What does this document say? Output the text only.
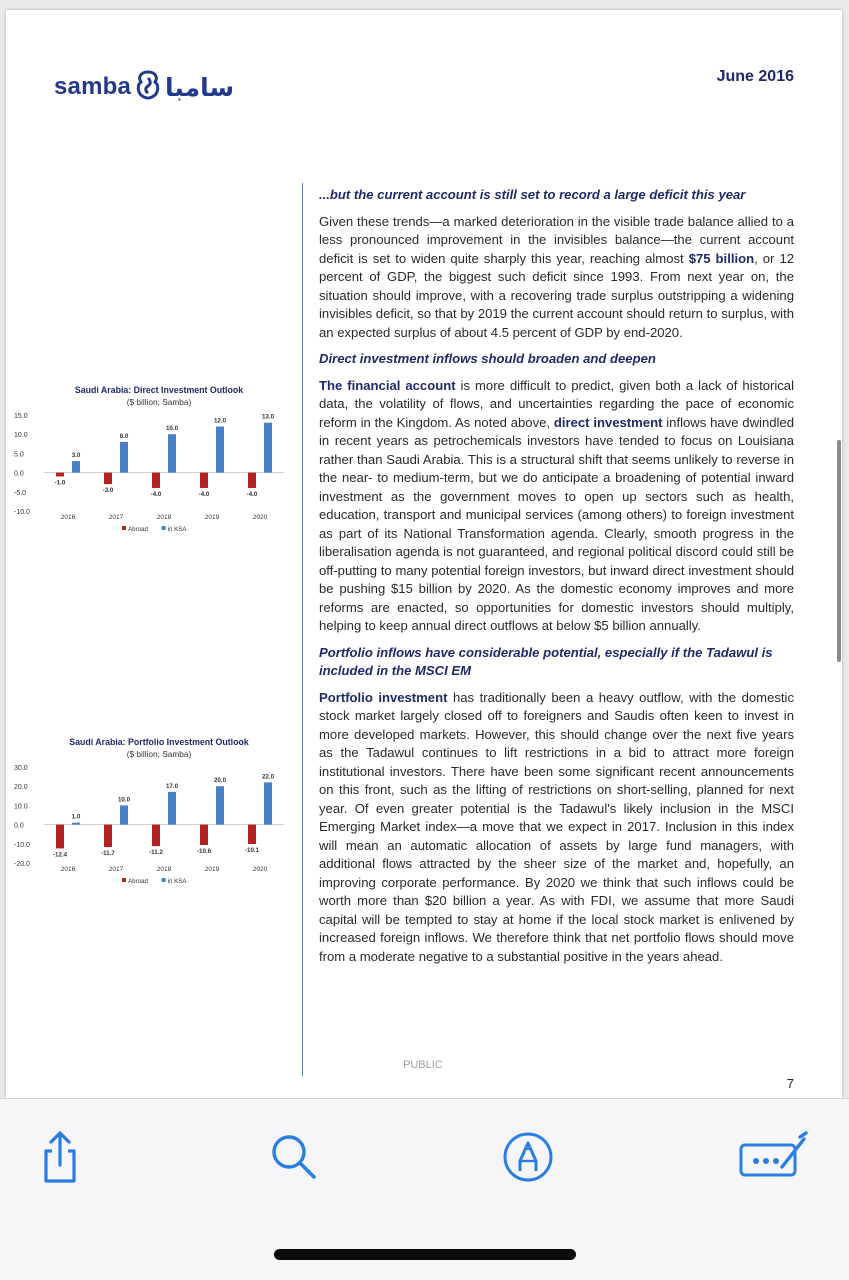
samba سامبا	June 2016
Saudi Arabia: Direct Investment Outlook
($ billion; Samba)
15.0
10.0
5.0
0.0
-5.0
-10.0
-1.0
3.0
2016
-3.0
8.0
2017
-4.0
10.0
2018
-4.0
12.0
2019
-4.0
13.0
2020
Abroad	in KSA
Saudi Arabia: Portfolio Investment Outlook
($ billion; Samba)
30.0
20.0
10.0
0.0
-10.0
-20.0
-12.4
1.0
2016
-11.7
10.0
2017
-11.2
17.0
2018
-10.6
20.0
2019
-10.1
22.0
2020
Abroad	in KSA
...but the current account is still set to record a large deficit this year

Given these trends—a marked deterioration in the visible trade balance allied to a less pronounced improvement in the invisibles balance—the current account deficit is set to widen quite sharply this year, reaching almost $75 billion, or 12 percent of GDP, the biggest such deficit since 1993. From next year on, the situation should improve, with a recovering trade surplus outstripping a widening invisibles deficit, so that by 2019 the current account should return to surplus, with an expected surplus of about 4.5 percent of GDP by end-2020.

Direct investment inflows should broaden and deepen

The financial account is more difficult to predict, given both a lack of historical data, the volatility of flows, and uncertainties regarding the pace of economic reform in the Kingdom. As noted above, direct investment inflows have dwindled in recent years as petrochemicals investors have tended to focus on Louisiana rather than Saudi Arabia. This is a structural shift that seems unlikely to reverse in the near- to medium-term, but we do anticipate a broadening of potential inward investment as the government moves to open up sectors such as health, education, transport and municipal services (among others) to foreign investment as part of its National Transformation agenda. Clearly, smooth progress in the liberalisation agenda is not guaranteed, and regional political discord could still be off-putting to many potential foreign investors, but inward direct investment should be pushing $15 billion by 2020. As the domestic economy improves and more reforms are enacted, so opportunities for domestic investors should multiply, helping to keep annual direct outflows at below $5 billion annually.

Portfolio inflows have considerable potential, especially if the Tadawul is included in the MSCI EM

Portfolio investment has traditionally been a heavy outflow, with the domestic stock market largely closed off to foreigners and Saudis often keen to invest in more developed markets. However, this should change over the next five years as the Tadawul continues to lift restrictions in a bid to attract more foreign institutional investors. There have been some significant recent announcements on this front, such as the lifting of restrictions on short-selling, planned for next year. Of even greater potential is the Tadawul's likely inclusion in the MSCI Emerging Market index—a move that we expect in 2017. Inclusion in this index will mean an automatic allocation of assets by large fund managers, with additional flows attracted by the sheer size of the market and, hopefully, an improving corporate performance. By 2020 we think that such inflows could be worth more than $20 billion a year. As with FDI, we assume that more Saudi capital will be tempted to stay at home if the local stock market is enlivened by increased foreign inflows. We therefore think that net portfolio flows should move from a moderate negative to a substantial positive in the years ahead.

PUBLIC
7
